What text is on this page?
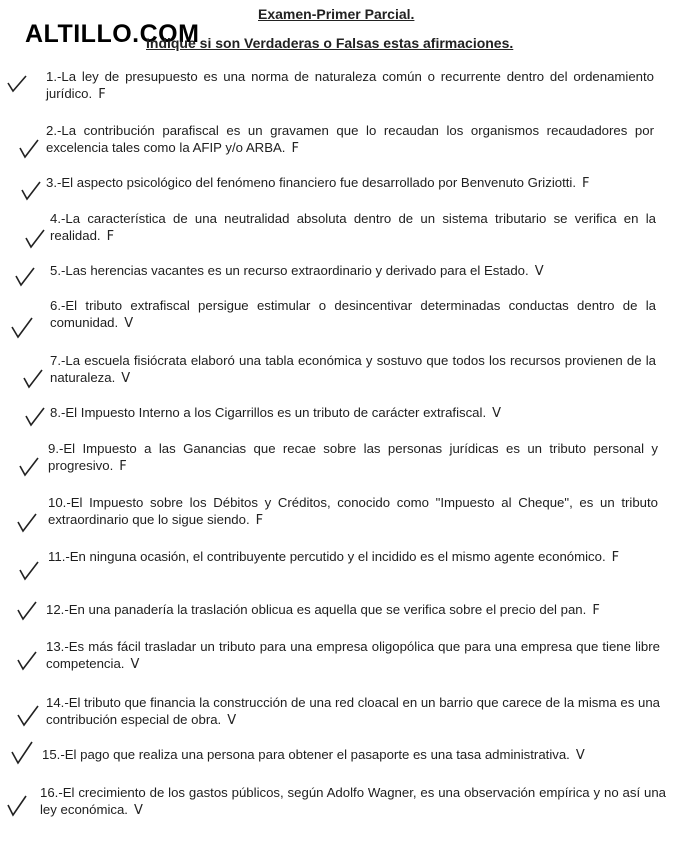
ALTILLO.COM
Examen-Primer Parcial.
Indique si son Verdaderas o Falsas estas afirmaciones.
1.-La ley de presupuesto es una norma de naturaleza común o recurrente dentro del ordenamiento jurídico. F
2.-La contribución parafiscal es un gravamen que lo recaudan los organismos recaudadores por excelencia tales como la AFIP y/o ARBA. F
3.-El aspecto psicológico del fenómeno financiero fue desarrollado por Benvenuto Griziotti. F
4.-La característica de una neutralidad absoluta dentro de un sistema tributario se verifica en la realidad. F
5.-Las herencias vacantes es un recurso extraordinario y derivado para el Estado. V
6.-El tributo extrafiscal persigue estimular o desincentivar determinadas conductas dentro de la comunidad. V
7.-La escuela fisiócrata elaboró una tabla económica y sostuvo que todos los recursos provienen de la naturaleza. V
8.-El Impuesto Interno a los Cigarrillos es un tributo de carácter extrafiscal. V
9.-El Impuesto a las Ganancias que recae sobre las personas jurídicas es un tributo personal y progresivo. F
10.-El Impuesto sobre los Débitos y Créditos, conocido como "Impuesto al Cheque", es un tributo extraordinario que lo sigue siendo. F
11.-En ninguna ocasión, el contribuyente percutido y el incidido es el mismo agente económico. F
12.-En una panadería la traslación oblicua es aquella que se verifica sobre el precio del pan. F
13.-Es más fácil trasladar un tributo para una empresa oligopólica que para una empresa que tiene libre competencia. V
14.-El tributo que financia la construcción de una red cloacal en un barrio que carece de la misma es una contribución especial de obra. V
15.-El pago que realiza una persona para obtener el pasaporte es una tasa administrativa. V
16.-El crecimiento de los gastos públicos, según Adolfo Wagner, es una observación empírica y no así una ley económica. V
